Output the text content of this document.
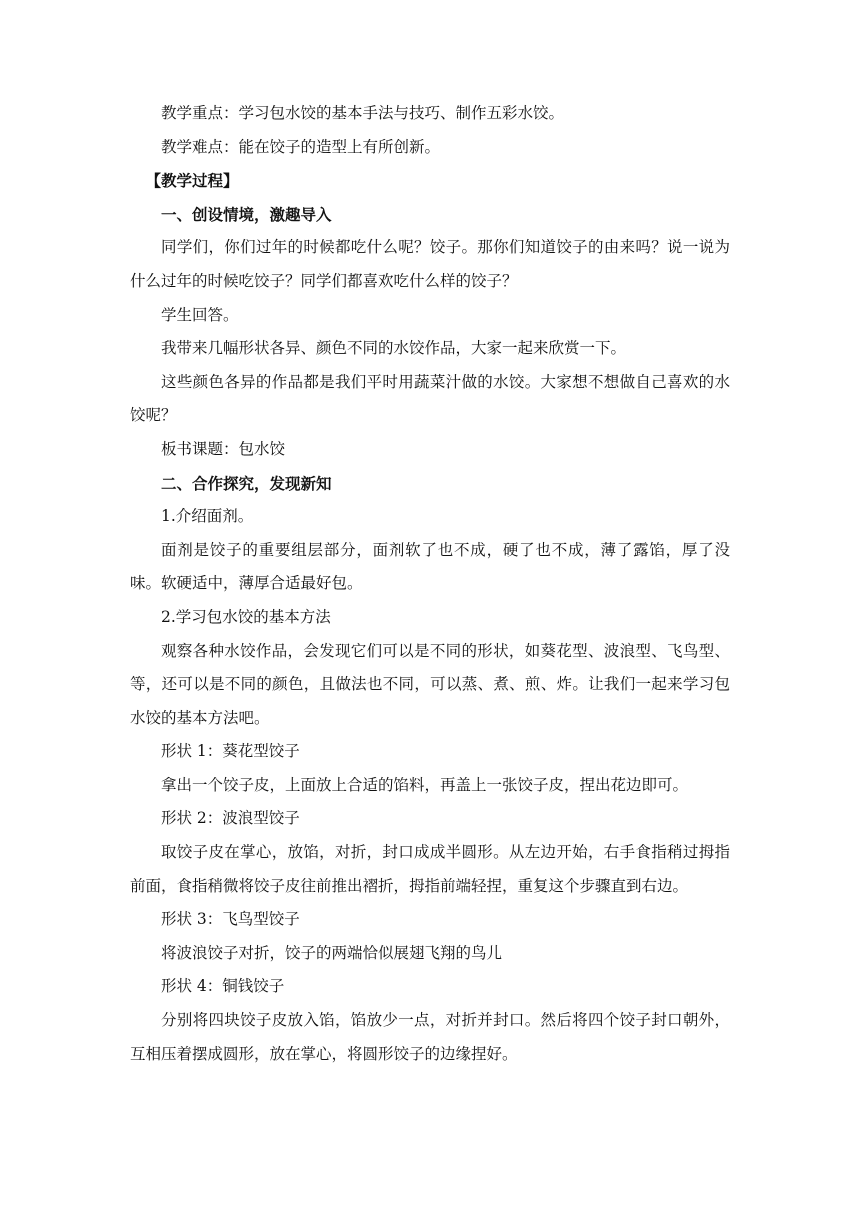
教学重点：学习包水饺的基本手法与技巧、制作五彩水饺。

教学难点：能在饺子的造型上有所创新。

【教学过程】

一、创设情境，激趣导入

同学们，你们过年的时候都吃什么呢？饺子。那你们知道饺子的由来吗？说一说为什么过年的时候吃饺子？同学们都喜欢吃什么样的饺子？

学生回答。

我带来几幅形状各异、颜色不同的水饺作品，大家一起来欣赏一下。

这些颜色各异的作品都是我们平时用蔬菜汁做的水饺。大家想不想做自己喜欢的水饺呢？

板书课题：包水饺

二、合作探究，发现新知

1.介绍面剂。

面剂是饺子的重要组层部分，面剂软了也不成，硬了也不成，薄了露馅，厚了没味。软硬适中，薄厚合适最好包。

2.学习包水饺的基本方法

观察各种水饺作品，会发现它们可以是不同的形状，如葵花型、波浪型、飞鸟型、等，还可以是不同的颜色，且做法也不同，可以蒸、煮、煎、炸。让我们一起来学习包水饺的基本方法吧。

形状 1：葵花型饺子

拿出一个饺子皮，上面放上合适的馅料，再盖上一张饺子皮，捏出花边即可。

形状 2：波浪型饺子

取饺子皮在掌心，放馅，对折，封口成成半圆形。从左边开始，右手食指稍过拇指前面，食指稍微将饺子皮往前推出褶折，拇指前端轻捏，重复这个步骤直到右边。

形状 3：飞鸟型饺子

将波浪饺子对折，饺子的两端恰似展翅飞翔的鸟儿

形状 4：铜钱饺子

分别将四块饺子皮放入馅，馅放少一点，对折并封口。然后将四个饺子封口朝外，互相压着摆成圆形，放在掌心，将圆形饺子的边缘捏好。
